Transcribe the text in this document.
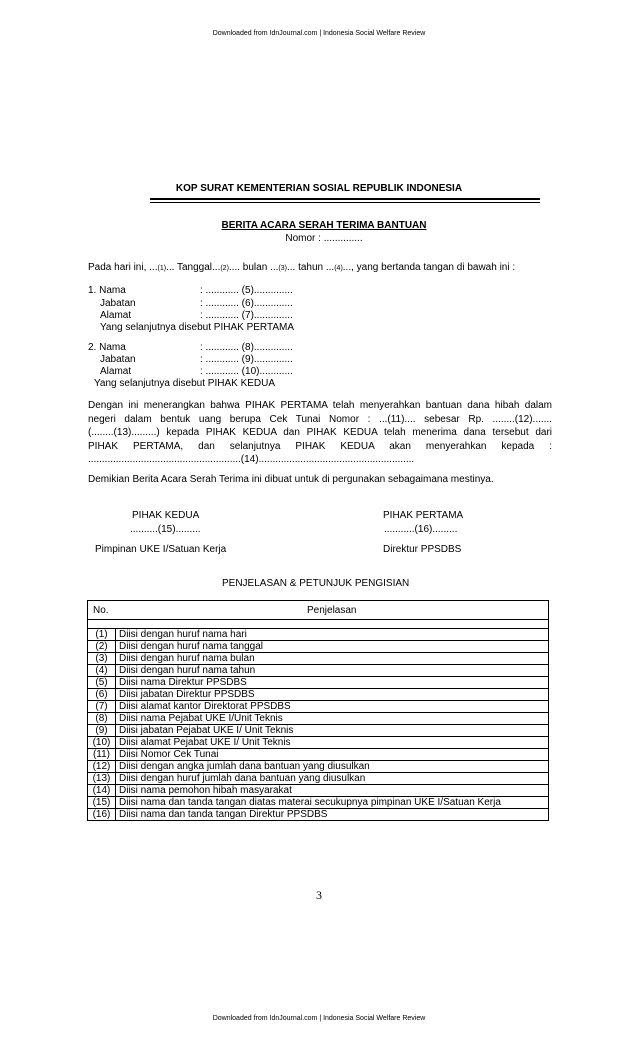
Downloaded from IdnJournal.com | Indonesia Social Welfare Review
KOP SURAT KEMENTERIAN SOSIAL REPUBLIK INDONESIA
BERITA ACARA SERAH TERIMA BANTUAN
Nomor : ..............
Pada hari ini, ...(1)... Tanggal...(2).... bulan ...(3)... tahun ...(4)..., yang bertanda tangan di bawah ini :
1. Nama	: ............ (5)..............
Jabatan	: ............ (6)..............
Alamat	: ............ (7)..............
Yang selanjutnya disebut PIHAK PERTAMA
2. Nama	: ............ (8)..............
Jabatan	: ............ (9)..............
Alamat	: ............ (10)............
Yang selanjutnya disebut PIHAK KEDUA
Dengan ini menerangkan bahwa PIHAK PERTAMA telah menyerahkan bantuan dana hibah dalam
negeri dalam bentuk uang berupa Cek Tunai Nomor : ...(11).... sebesar Rp. ........(12).......
(........(13).........) kepada PIHAK KEDUA dan PIHAK KEDUA telah menerima dana tersebut dari
PIHAK PERTAMA, dan selanjutnya PIHAK KEDUA akan menyerahkan kepada :
.......................................................(14)........................................................
Demikian Berita Acara Serah Terima ini dibuat untuk di pergunakan sebagaimana mestinya.
PIHAK KEDUA
..........(15).........
Pimpinan UKE I/Satuan Kerja
PIHAK PERTAMA
...........(16).........
Direktur PPSDBS
PENJELASAN & PETUNJUK PENGISIAN
No.	Penjelasan

(1)	Diisi dengan huruf nama hari
(2)	Diisi dengan huruf nama tanggal
(3)	Diisi dengan huruf nama bulan
(4)	Diisi dengan huruf nama tahun
(5)	Diisi nama Direktur PPSDBS
(6)	Diisi jabatan Direktur PPSDBS
(7)	Diisi alamat kantor Direktorat PPSDBS
(8)	Diisi nama Pejabat UKE I/Unit Teknis
(9)	Diisi jabatan Pejabat UKE I/ Unit Teknis
(10)	Diisi alamat Pejabat UKE I/ Unit Teknis
(11)	Diisi Nomor Cek Tunai
(12)	Diisi dengan angka jumlah dana bantuan yang diusulkan
(13)	Diisi dengan huruf jumlah dana bantuan yang diusulkan
(14)	Diisi nama pemohon hibah masyarakat
(15)	Diisi nama dan tanda tangan diatas materai secukupnya pimpinan UKE I/Satuan Kerja
(16)	Diisi nama dan tanda tangan Direktur PPSDBS
3
Downloaded from IdnJournal.com | Indonesia Social Welfare Review
